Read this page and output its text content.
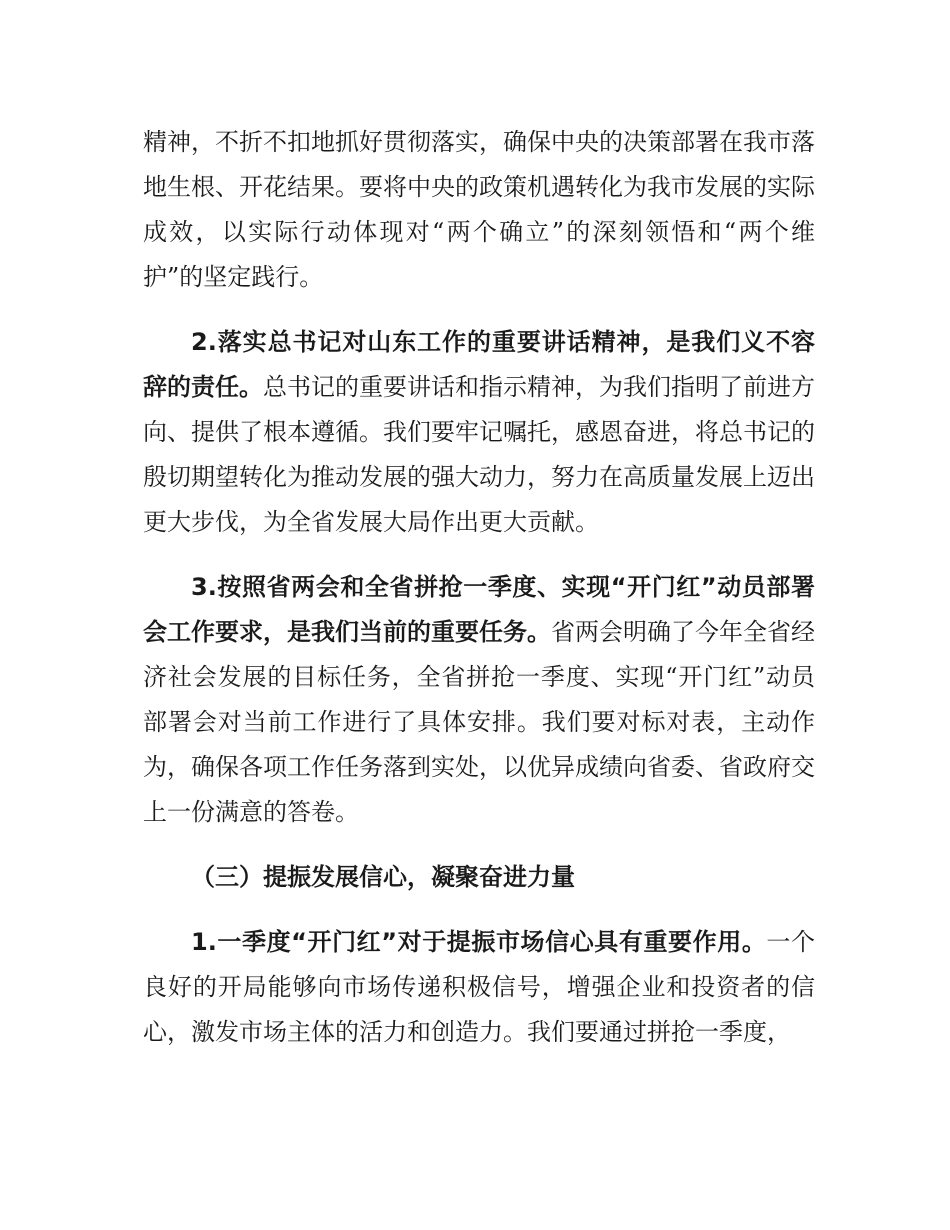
精神，不折不扣地抓好贯彻落实，确保中央的决策部署在我市落地生根、开花结果。要将中央的政策机遇转化为我市发展的实际成效，以实际行动体现对“两个确立”的深刻领悟和“两个维护”的坚定践行。

2.落实总书记对山东工作的重要讲话精神，是我们义不容辞的责任。总书记的重要讲话和指示精神，为我们指明了前进方向、提供了根本遵循。我们要牢记嘱托，感恩奋进，将总书记的殷切期望转化为推动发展的强大动力，努力在高质量发展上迈出更大步伐，为全省发展大局作出更大贡献。

3.按照省两会和全省拼抢一季度、实现“开门红”动员部署会工作要求，是我们当前的重要任务。省两会明确了今年全省经济社会发展的目标任务，全省拼抢一季度、实现“开门红”动员部署会对当前工作进行了具体安排。我们要对标对表，主动作为，确保各项工作任务落到实处，以优异成绩向省委、省政府交上一份满意的答卷。

（三）提振发展信心，凝聚奋进力量

1.一季度“开门红”对于提振市场信心具有重要作用。一个良好的开局能够向市场传递积极信号，增强企业和投资者的信心，激发市场主体的活力和创造力。我们要通过拼抢一季度，
